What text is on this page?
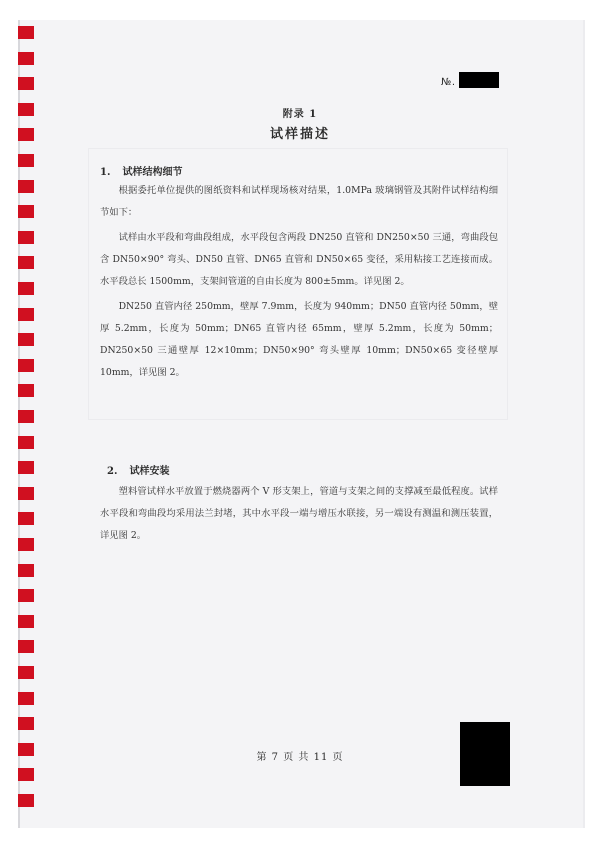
№.
附录 1
试样描述
1. 试样结构细节

根据委托单位提供的图纸资料和试样现场核对结果，1.0MPa 玻璃钢管及其附件试样结构细节如下：

试样由水平段和弯曲段组成，水平段包含两段 DN250 直管和 DN250×50 三通，弯曲段包含 DN50×90° 弯头、DN50 直管、DN65 直管和 DN50×65 变径，采用粘接工艺连接而成。水平段总长 1500mm，支架间管道的自由长度为 800±5mm。详见图 2。

DN250 直管内径 250mm，壁厚 7.9mm，长度为 940mm；DN50 直管内径 50mm，壁厚 5.2mm，长度为 50mm；DN65 直管内径 65mm，壁厚 5.2mm，长度为 50mm；DN250×50 三通壁厚 12×10mm；DN50×90° 弯头壁厚 10mm；DN50×65 变径壁厚 10mm，详见图 2。

2. 试样安装

塑料管试样水平放置于燃烧器两个 V 形支架上，管道与支架之间的支撑减至最低程度。试样水平段和弯曲段均采用法兰封堵，其中水平段一端与增压水联接，另一端设有测温和测压装置，详见图 2。

第 7 页 共 11 页
